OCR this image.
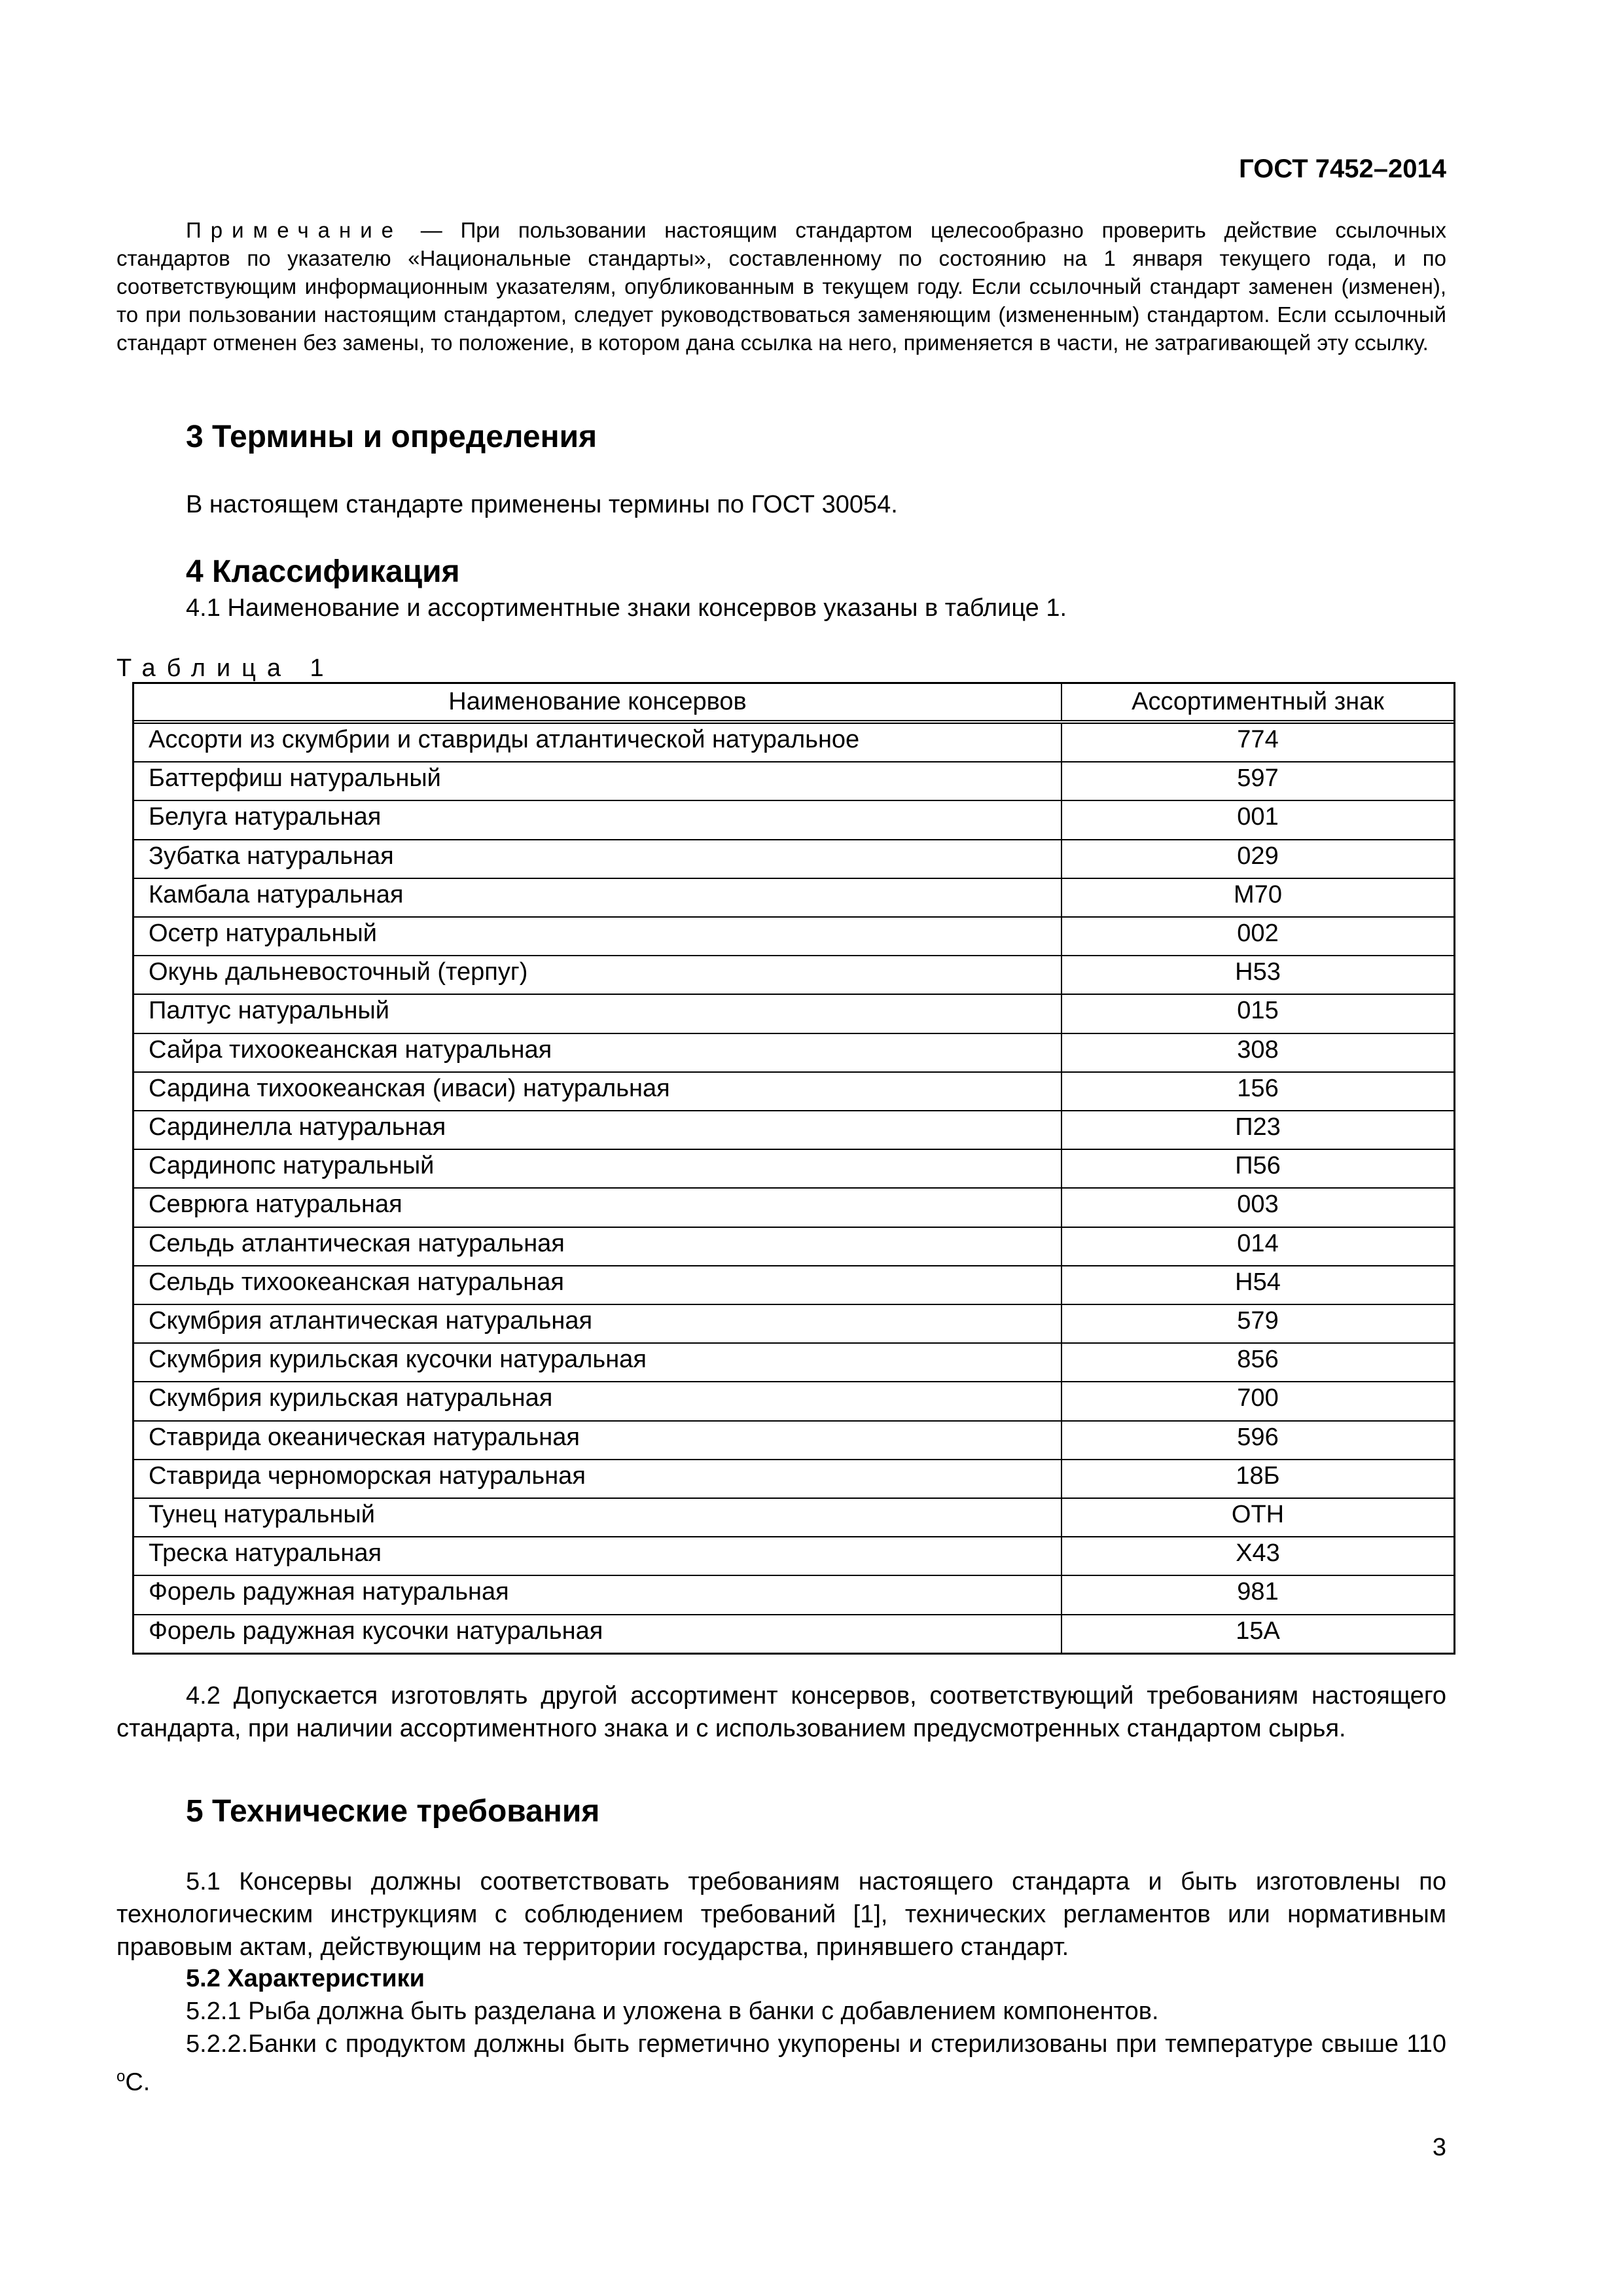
ГОСТ 7452–2014
Примечание — При пользовании настоящим стандартом целесообразно проверить действие ссылочных стандартов по указателю «Национальные стандарты», составленному по состоянию на 1 января текущего года, и по соответствующим информационным указателям, опубликованным в текущем году. Если ссылочный стандарт заменен (изменен), то при пользовании настоящим стандартом, следует руководствоваться заменяющим (измененным) стандартом. Если ссылочный стандарт отменен без замены, то положение, в котором дана ссылка на него, применяется в части, не затрагивающей эту ссылку.
3 Термины и определения
В настоящем стандарте применены термины по ГОСТ 30054.
4 Классификация
4.1 Наименование и ассортиментные знаки консервов указаны в таблице 1.
Таблица 1
Наименование консервов	Ассортиментный знак
Ассорти из скумбрии и ставриды атлантической натуральное	774
Баттерфиш натуральный	597
Белуга натуральная	001
Зубатка натуральная	029
Камбала натуральная	М70
Осетр натуральный	002
Окунь дальневосточный (терпуг)	Н53
Палтус натуральный	015
Сайра тихоокеанская натуральная	308
Сардина тихоокеанская (иваси) натуральная	156
Сардинелла натуральная	П23
Сардинопс натуральный	П56
Севрюга натуральная	003
Сельдь атлантическая натуральная	014
Сельдь тихоокеанская натуральная	Н54
Скумбрия атлантическая натуральная	579
Скумбрия курильская кусочки натуральная	856
Скумбрия курильская натуральная	700
Ставрида океаническая натуральная	596
Ставрида черноморская натуральная	18Б
Тунец натуральный	ОТН
Треска натуральная	Х43
Форель радужная натуральная	981
Форель радужная кусочки натуральная	15А
4.2 Допускается изготовлять другой ассортимент консервов, соответствующий требованиям настоящего стандарта, при наличии ассортиментного знака и с использованием предусмотренных стандартом сырья.
5 Технические требования
5.1 Консервы должны соответствовать требованиям настоящего стандарта и быть изготовлены по технологическим инструкциям с соблюдением требований [1], технических регламентов или нормативным правовым актам, действующим на территории государства, принявшего стандарт.
5.2 Характеристики
5.2.1 Рыба должна быть разделана и уложена в банки с добавлением компонентов.
5.2.2.Банки с продуктом должны быть герметично укупорены и стерилизованы при температуре свыше 110 $^о$С.
3
